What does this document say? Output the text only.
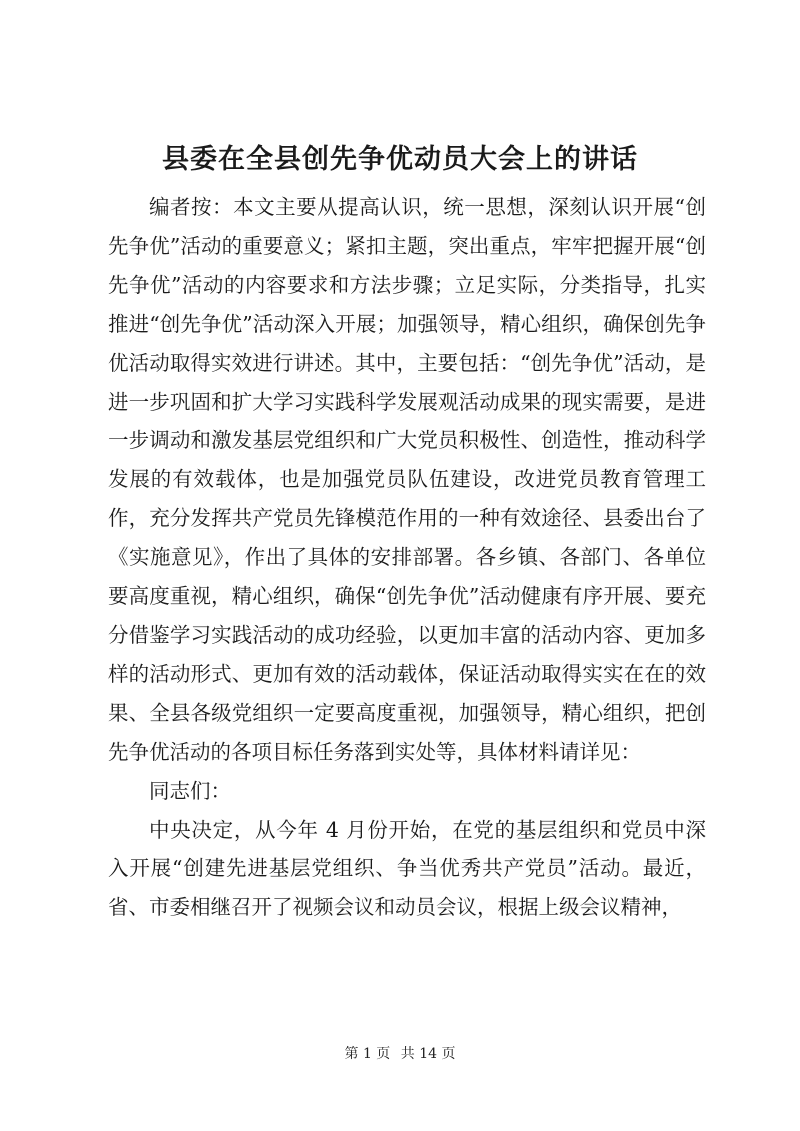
县委在全县创先争优动员大会上的讲话

编者按：本文主要从提高认识，统一思想，深刻认识开展“创先争优”活动的重要意义；紧扣主题，突出重点，牢牢把握开展“创先争优”活动的内容要求和方法步骤；立足实际，分类指导，扎实推进“创先争优”活动深入开展；加强领导，精心组织，确保创先争优活动取得实效进行讲述。其中，主要包括：“创先争优”活动，是进一步巩固和扩大学习实践科学发展观活动成果的现实需要，是进一步调动和激发基层党组织和广大党员积极性、创造性，推动科学发展的有效载体，也是加强党员队伍建设，改进党员教育管理工作，充分发挥共产党员先锋模范作用的一种有效途径、县委出台了《实施意见》，作出了具体的安排部署。各乡镇、各部门、各单位要高度重视，精心组织，确保“创先争优”活动健康有序开展、要充分借鉴学习实践活动的成功经验，以更加丰富的活动内容、更加多样的活动形式、更加有效的活动载体，保证活动取得实实在在的效果、全县各级党组织一定要高度重视，加强领导，精心组织，把创先争优活动的各项目标任务落到实处等，具体材料请详见：

同志们：

中央决定，从今年 4 月份开始，在党的基层组织和党员中深入开展“创建先进基层党组织、争当优秀共产党员”活动。最近，省、市委相继召开了视频会议和动员会议，根据上级会议精神，

第 1 页 共 14 页
